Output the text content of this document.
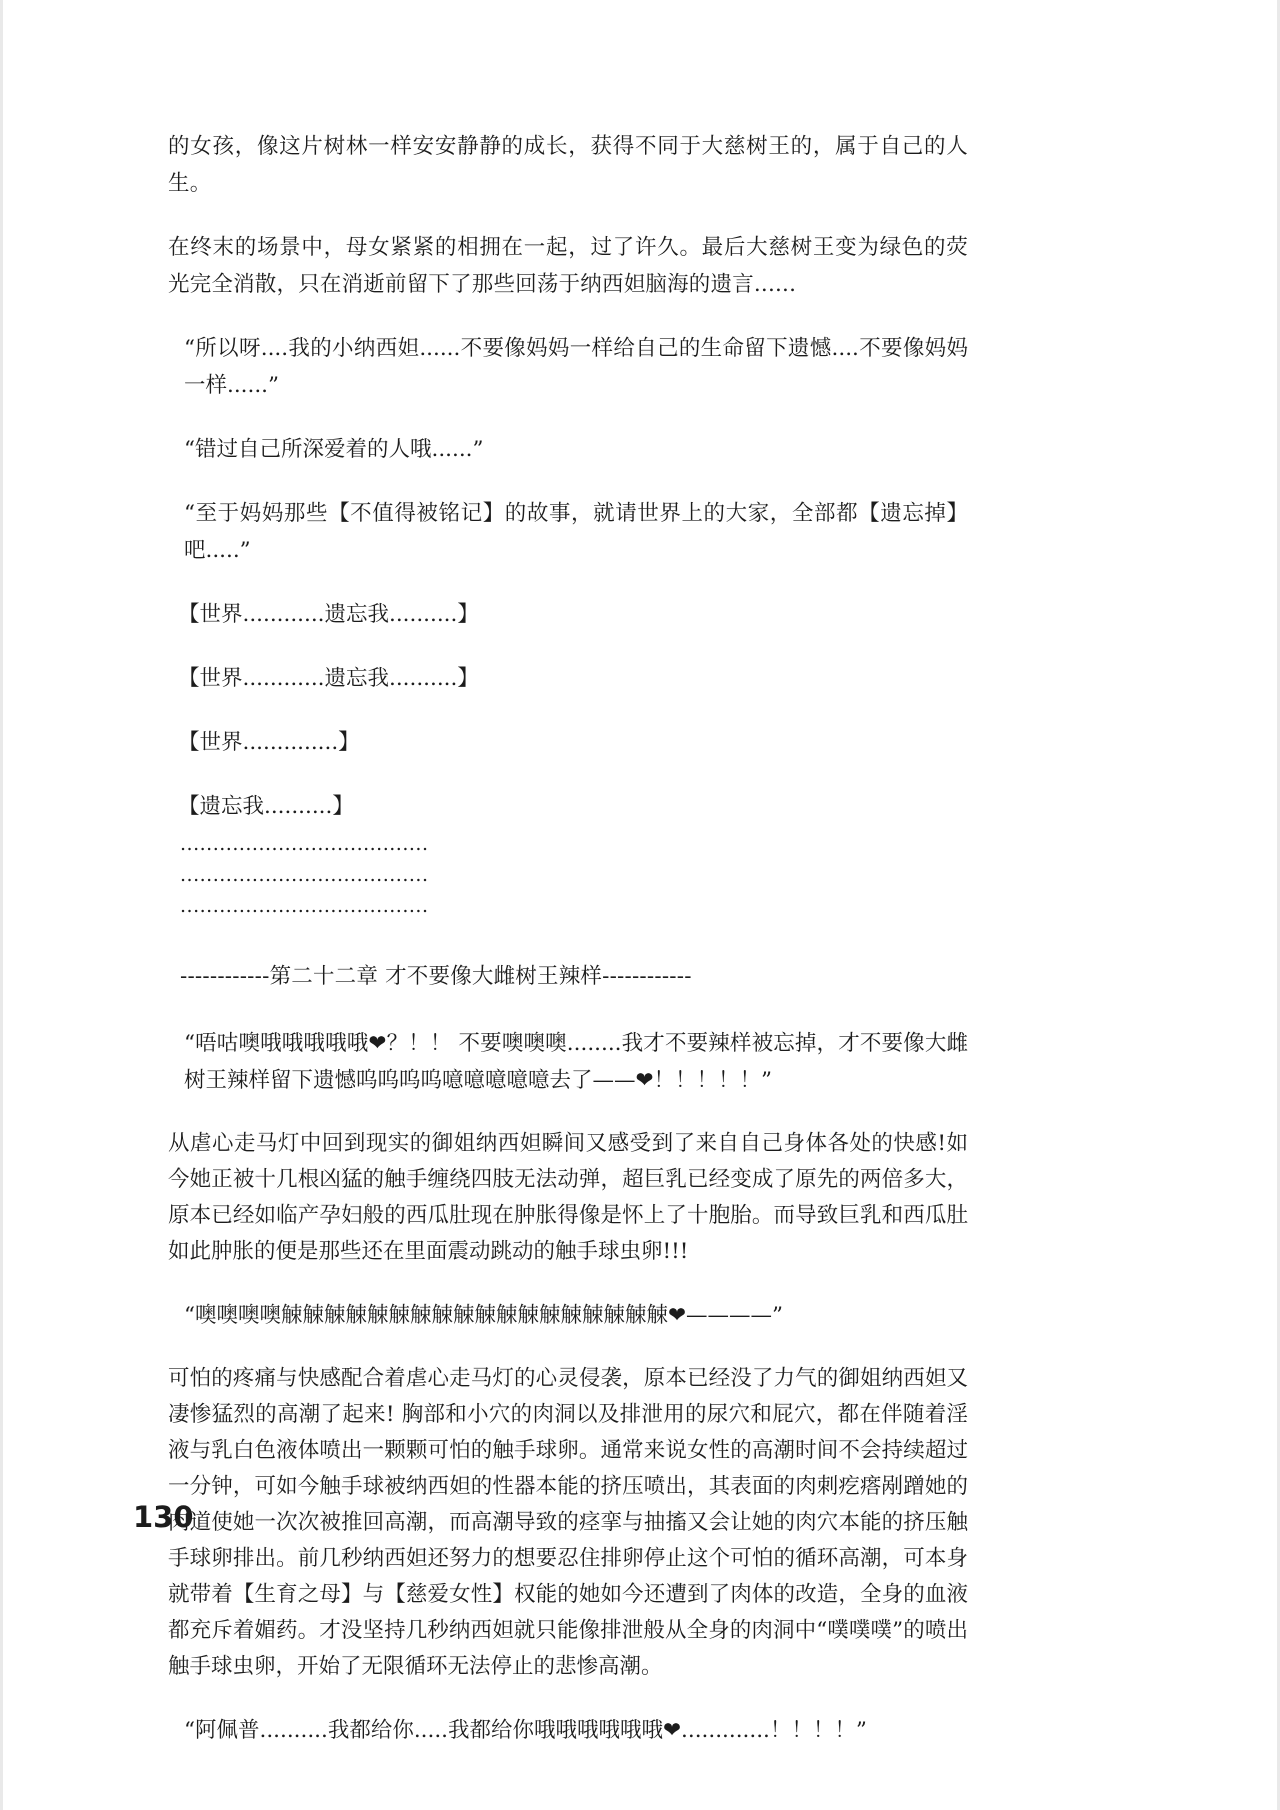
的女孩，像这片树林一样安安静静的成长，获得不同于大慈树王的，属于自己的人生。

在终末的场景中，母女紧紧的相拥在一起，过了许久。最后大慈树王变为绿色的荧光完全消散，只在消逝前留下了那些回荡于纳西妲脑海的遗言......

“所以呀....我的小纳西妲......不要像妈妈一样给自己的生命留下遗憾....不要像妈妈一样......”

“错过自己所深爱着的人哦......”

“至于妈妈那些【不值得被铭记】的故事，就请世界上的大家，全部都【遗忘掉】吧.....”

【世界............遗忘我..........】

【世界............遗忘我..........】

【世界..............】

【遗忘我..........】

......................................

......................................

......................................

------------第二十二章 才不要像大雌树王辣样------------

“唔咕噢哦哦哦哦哦❤？！！ 不要噢噢噢........我才不要辣样被忘掉，才不要像大雌树王辣样留下遗憾呜呜呜呜噫噫噫噫噫去了——❤！！！！！”

从虐心走马灯中回到现实的御姐纳西妲瞬间又感受到了来自自己身体各处的快感!如今她正被十几根凶猛的触手缠绕四肢无法动弹，超巨乳已经变成了原先的两倍多大，原本已经如临产孕妇般的西瓜肚现在肿胀得像是怀上了十胞胎。而导致巨乳和西瓜肚如此肿胀的便是那些还在里面震动跳动的触手球虫卵!!!

“噢噢噢噢觫觫觫觫觫觫觫觫觫觫觫觫觫觫觫觫觫觫❤————”

可怕的疼痛与快感配合着虐心走马灯的心灵侵袭，原本已经没了力气的御姐纳西妲又凄惨猛烈的高潮了起来! 胸部和小穴的肉洞以及排泄用的尿穴和屁穴，都在伴随着淫液与乳白色液体喷出一颗颗可怕的触手球卵。通常来说女性的高潮时间不会持续超过一分钟，可如今触手球被纳西妲的性器本能的挤压喷出，其表面的肉刺疙瘩剐蹭她的肉道使她一次次被推回高潮，而高潮导致的痉挛与抽搐又会让她的肉穴本能的挤压触手球卵排出。前几秒纳西妲还努力的想要忍住排卵停止这个可怕的循环高潮，可本身就带着【生育之母】与【慈爱女性】权能的她如今还遭到了肉体的改造，全身的血液都充斥着媚药。才没坚持几秒纳西妲就只能像排泄般从全身的肉洞中“噗噗噗”的喷出触手球虫卵，开始了无限循环无法停止的悲惨高潮。

“阿佩普..........我都给你.....我都给你哦哦哦哦哦哦❤.............！！！！”

130
